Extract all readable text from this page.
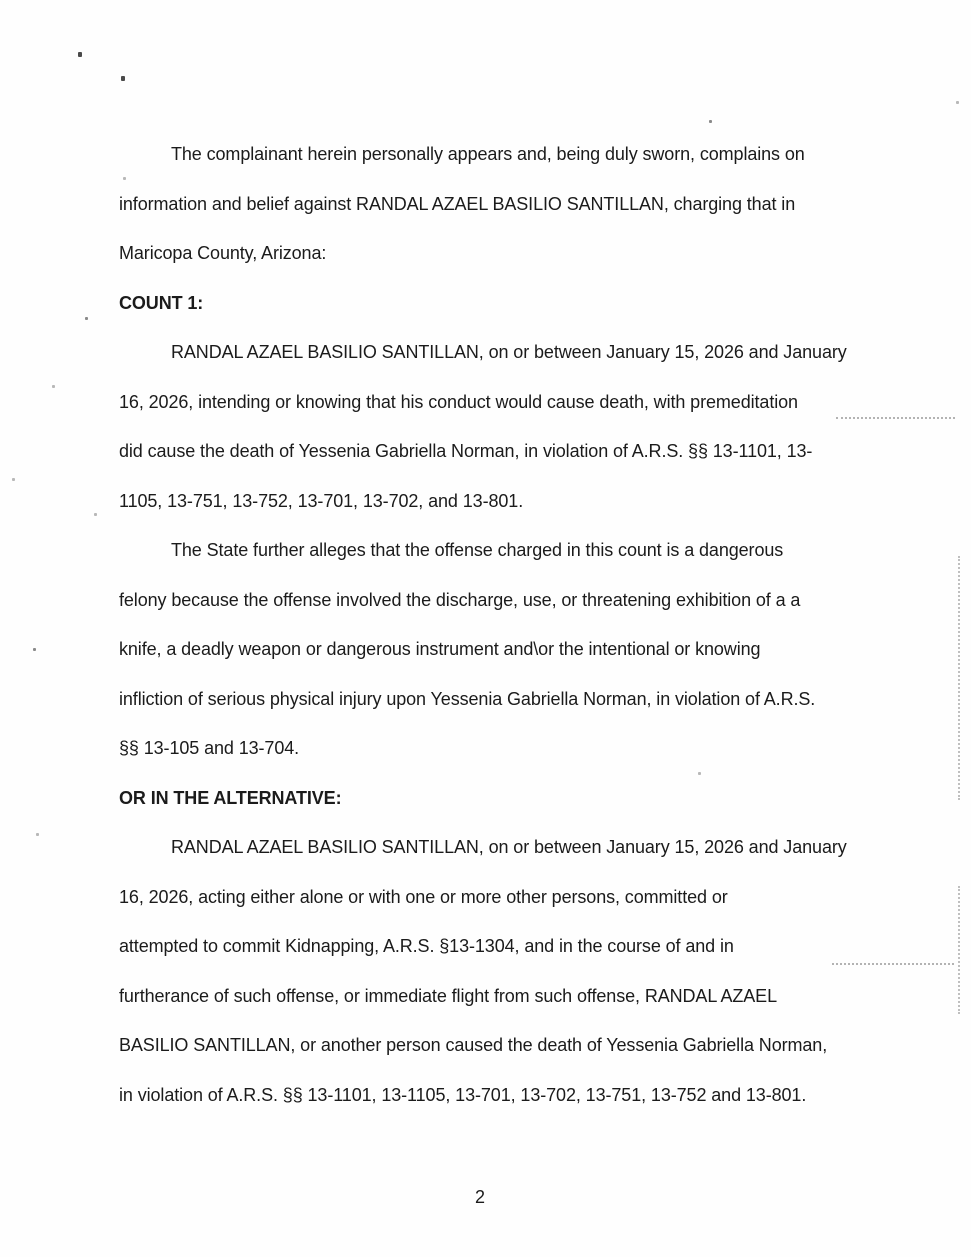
The complainant herein personally appears and, being duly sworn, complains on
information and belief against RANDAL AZAEL BASILIO SANTILLAN, charging that in
Maricopa County, Arizona:
COUNT 1:
RANDAL AZAEL BASILIO SANTILLAN, on or between January 15, 2026 and January
16, 2026, intending or knowing that his conduct would cause death, with premeditation
did cause the death of Yessenia Gabriella Norman, in violation of A.R.S. §§ 13-1101, 13-
1105, 13-751, 13-752, 13-701, 13-702, and 13-801.
The State further alleges that the offense charged in this count is a dangerous
felony because the offense involved the discharge, use, or threatening exhibition of a a
knife, a deadly weapon or dangerous instrument and\or the intentional or knowing
infliction of serious physical injury upon Yessenia Gabriella Norman, in violation of A.R.S.
§§ 13-105 and 13-704.
OR IN THE ALTERNATIVE:
RANDAL AZAEL BASILIO SANTILLAN, on or between January 15, 2026 and January
16, 2026, acting either alone or with one or more other persons, committed or
attempted to commit Kidnapping, A.R.S. §13-1304, and in the course of and in
furtherance of such offense, or immediate flight from such offense, RANDAL AZAEL
BASILIO SANTILLAN, or another person caused the death of Yessenia Gabriella Norman,
in violation of A.R.S. §§ 13-1101, 13-1105, 13-701, 13-702, 13-751, 13-752 and 13-801.
2
